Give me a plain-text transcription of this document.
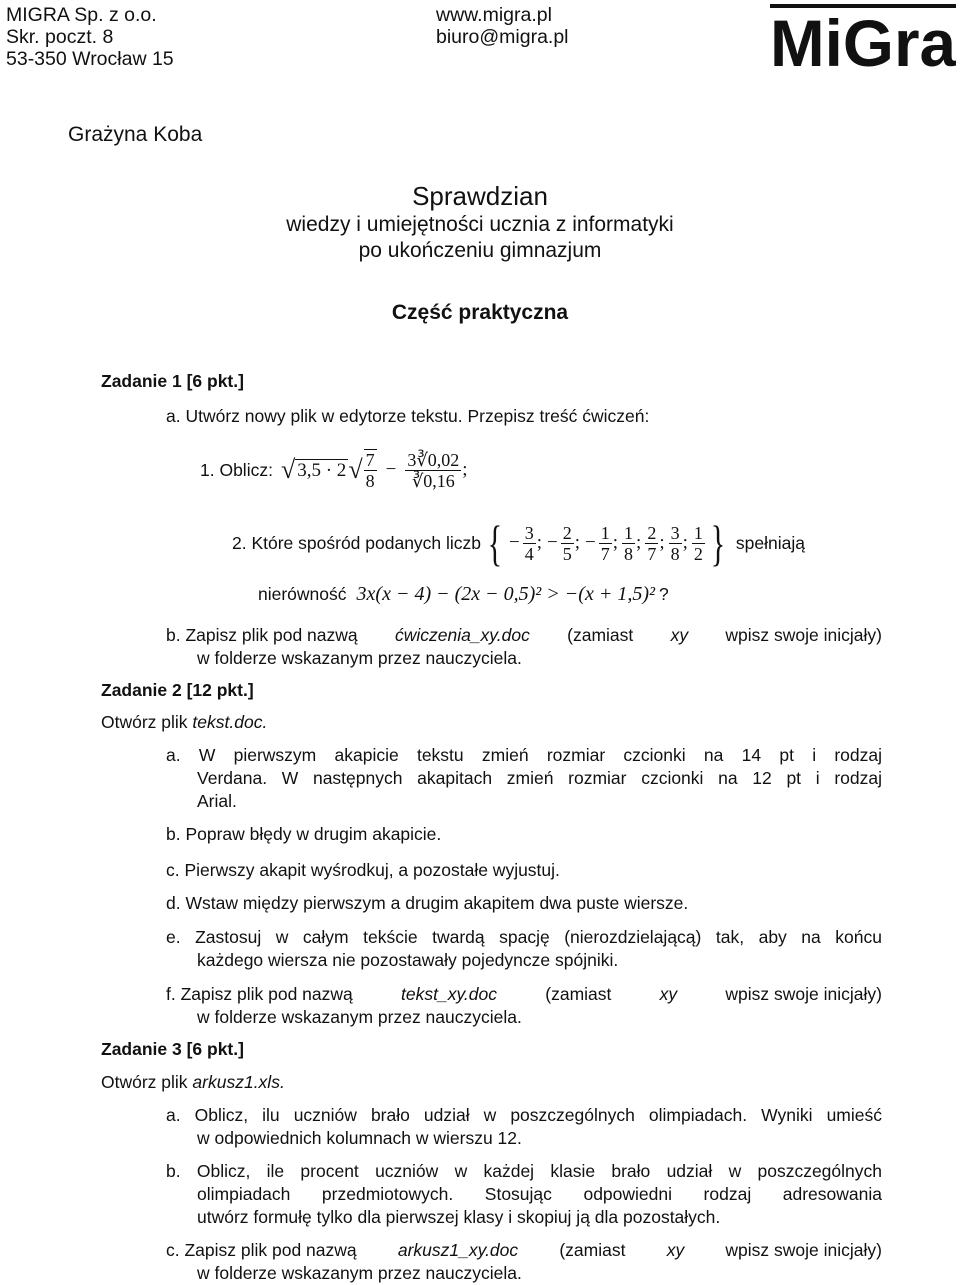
MIGRA Sp. z o.o.
Skr. poczt. 8
53-350 Wrocław 15
www.migra.pl
biuro@migra.pl	MiGra
Grażyna Koba
Sprawdzian
wiedzy i umiejętności ucznia z informatyki
po ukończeniu gimnazjum
Część praktyczna
Zadanie 1 [6 pkt.]
a. Utwórz nowy plik w edytorze tekstu. Przepisz treść ćwiczeń:
1. Oblicz: √ 3,5 · 2 √ $\frac{7}{8} - \frac{3∛0,02}{∛0,16}$ ;
2. Które spośród podanych liczb { − $\frac{3}{4}$ ; − $\frac{2}{5}$ ; − $\frac{1}{7}$ ; $\frac{1}{8}$ ; $\frac{2}{7}$ ; $\frac{3}{8}$ ; $\frac{1}{2}$ } spełniają
nierówność 3x(x − 4) − (2x − 0,5)² > −(x + 1,5)² ?
b. Zapisz plik pod nazwą ćwiczenia_xy.doc (zamiast xy wpisz swoje inicjały)
w folderze wskazanym przez nauczyciela.
Zadanie 2 [12 pkt.]
Otwórz plik tekst.doc.
a. W pierwszym akapicie tekstu zmień rozmiar czcionki na 14 pt i rodzaj
Verdana. W następnych akapitach zmień rozmiar czcionki na 12 pt i rodzaj
Arial.
b. Popraw błędy w drugim akapicie.
c. Pierwszy akapit wyśrodkuj, a pozostałe wyjustuj.
d. Wstaw między pierwszym a drugim akapitem dwa puste wiersze.
e. Zastosuj w całym tekście twardą spację (nierozdzielającą) tak, aby na końcu
każdego wiersza nie pozostawały pojedyncze spójniki.
f. Zapisz plik pod nazwą	tekst_xy.doc	(zamiast	xy	wpisz swoje inicjały)
w folderze wskazanym przez nauczyciela.
Zadanie 3 [6 pkt.]
Otwórz plik arkusz1.xls.
a. Oblicz, ilu uczniów brało udział w poszczególnych olimpiadach. Wyniki umieść
w odpowiednich kolumnach w wierszu 12.
b. Oblicz, ile procent uczniów w każdej klasie brało udział w poszczególnych
olimpiadach przedmiotowych. Stosując odpowiedni rodzaj adresowania
utwórz formułę tylko dla pierwszej klasy i skopiuj ją dla pozostałych.
c. Zapisz plik pod nazwą arkusz1_xy.doc (zamiast xy wpisz swoje inicjały)
w folderze wskazanym przez nauczyciela.
